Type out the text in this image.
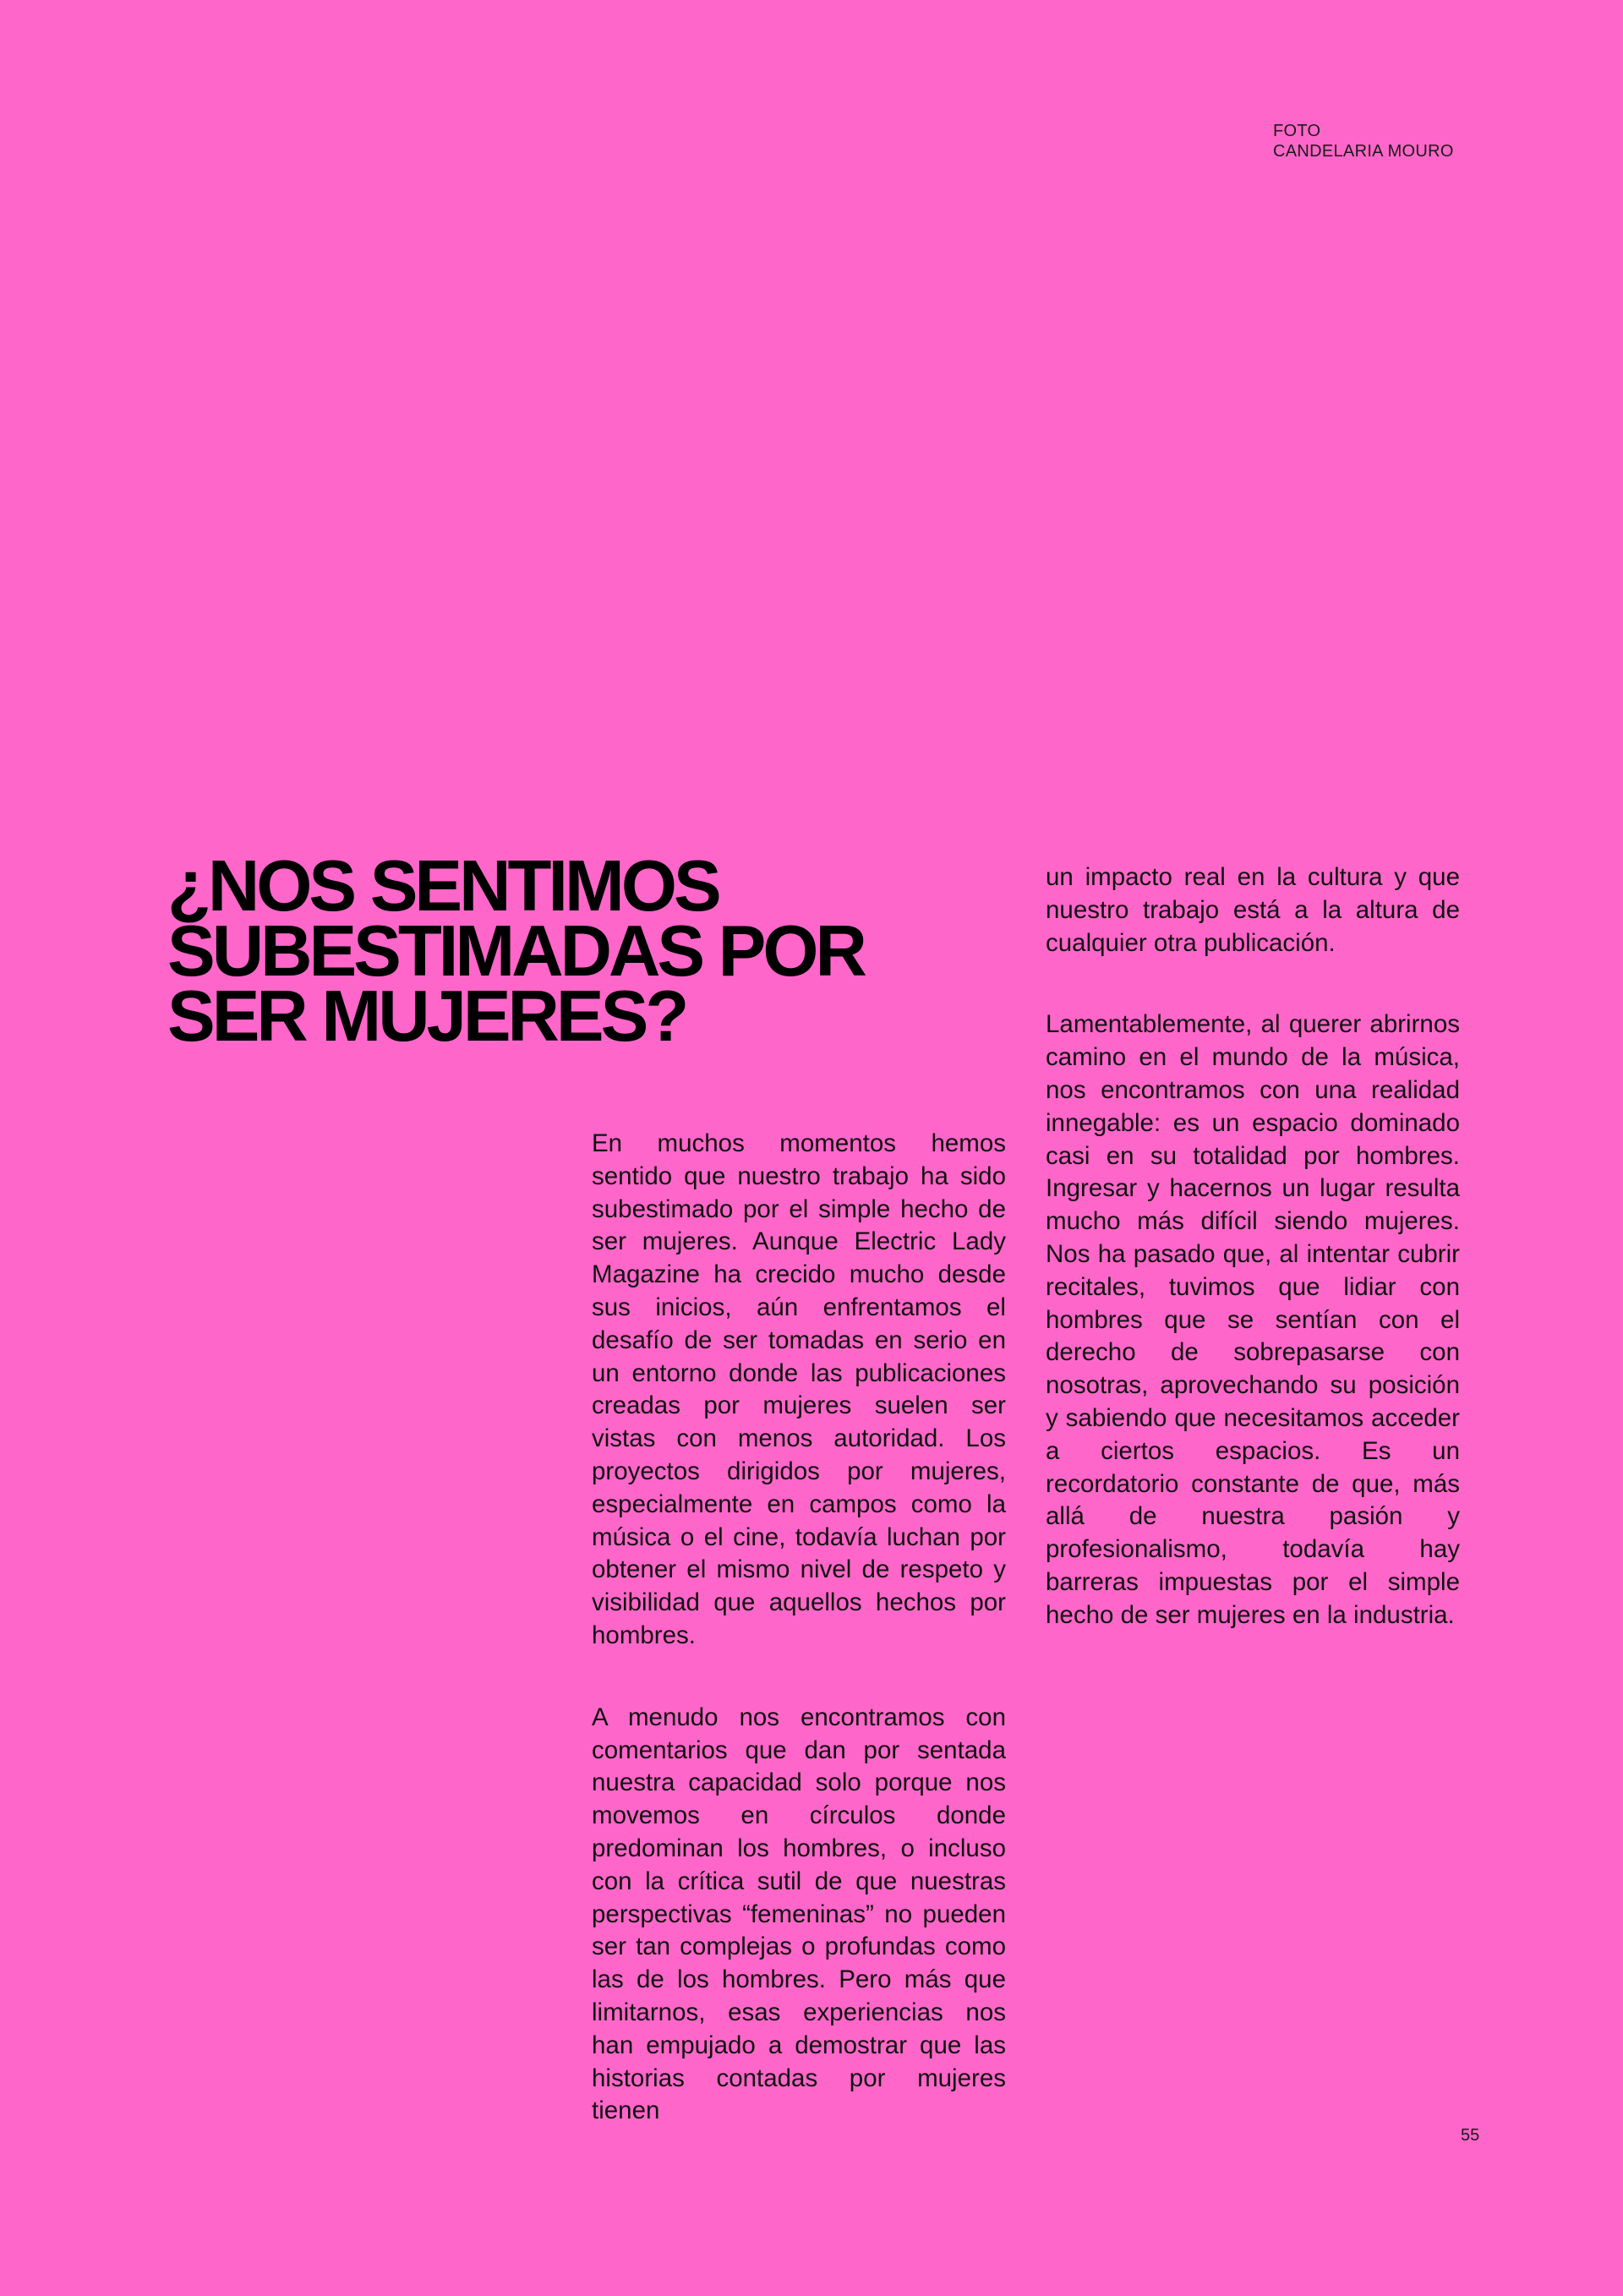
FOTO
CANDELARIA MOURO
¿NOS SENTIMOS
SUBESTIMADAS POR
SER MUJERES?

En muchos momentos hemos sentido que nuestro trabajo ha sido subestimado por el simple hecho de ser mujeres. Aunque Electric Lady Magazine ha crecido mucho desde sus inicios, aún enfrentamos el desafío de ser tomadas en serio en un entorno donde las publicaciones creadas por mujeres suelen ser vistas con menos autoridad. Los proyectos dirigidos por mujeres, especialmente en campos como la música o el cine, todavía luchan por obtener el mismo nivel de respeto y visibilidad que aquellos hechos por hombres.

A menudo nos encontramos con comentarios que dan por sentada nuestra capacidad solo porque nos movemos en círculos donde predominan los hombres, o incluso con la crítica sutil de que nuestras perspectivas “femeninas” no pueden ser tan complejas o profundas como las de los hombres. Pero más que limitarnos, esas experiencias nos han empujado a demostrar que las historias contadas por mujeres tienen

un impacto real en la cultura y que nuestro trabajo está a la altura de cualquier otra publicación.

Lamentablemente, al querer abrirnos camino en el mundo de la música, nos encontramos con una realidad innegable: es un espacio dominado casi en su totalidad por hombres. Ingresar y hacernos un lugar resulta mucho más difícil siendo mujeres. Nos ha pasado que, al intentar cubrir recitales, tuvimos que lidiar con hombres que se sentían con el derecho de sobrepasarse con nosotras, aprovechando su posición y sabiendo que necesitamos acceder a ciertos espacios. Es un recordatorio constante de que, más allá de nuestra pasión y profesionalismo, todavía hay barreras impuestas por el simple hecho de ser mujeres en la industria.

55
